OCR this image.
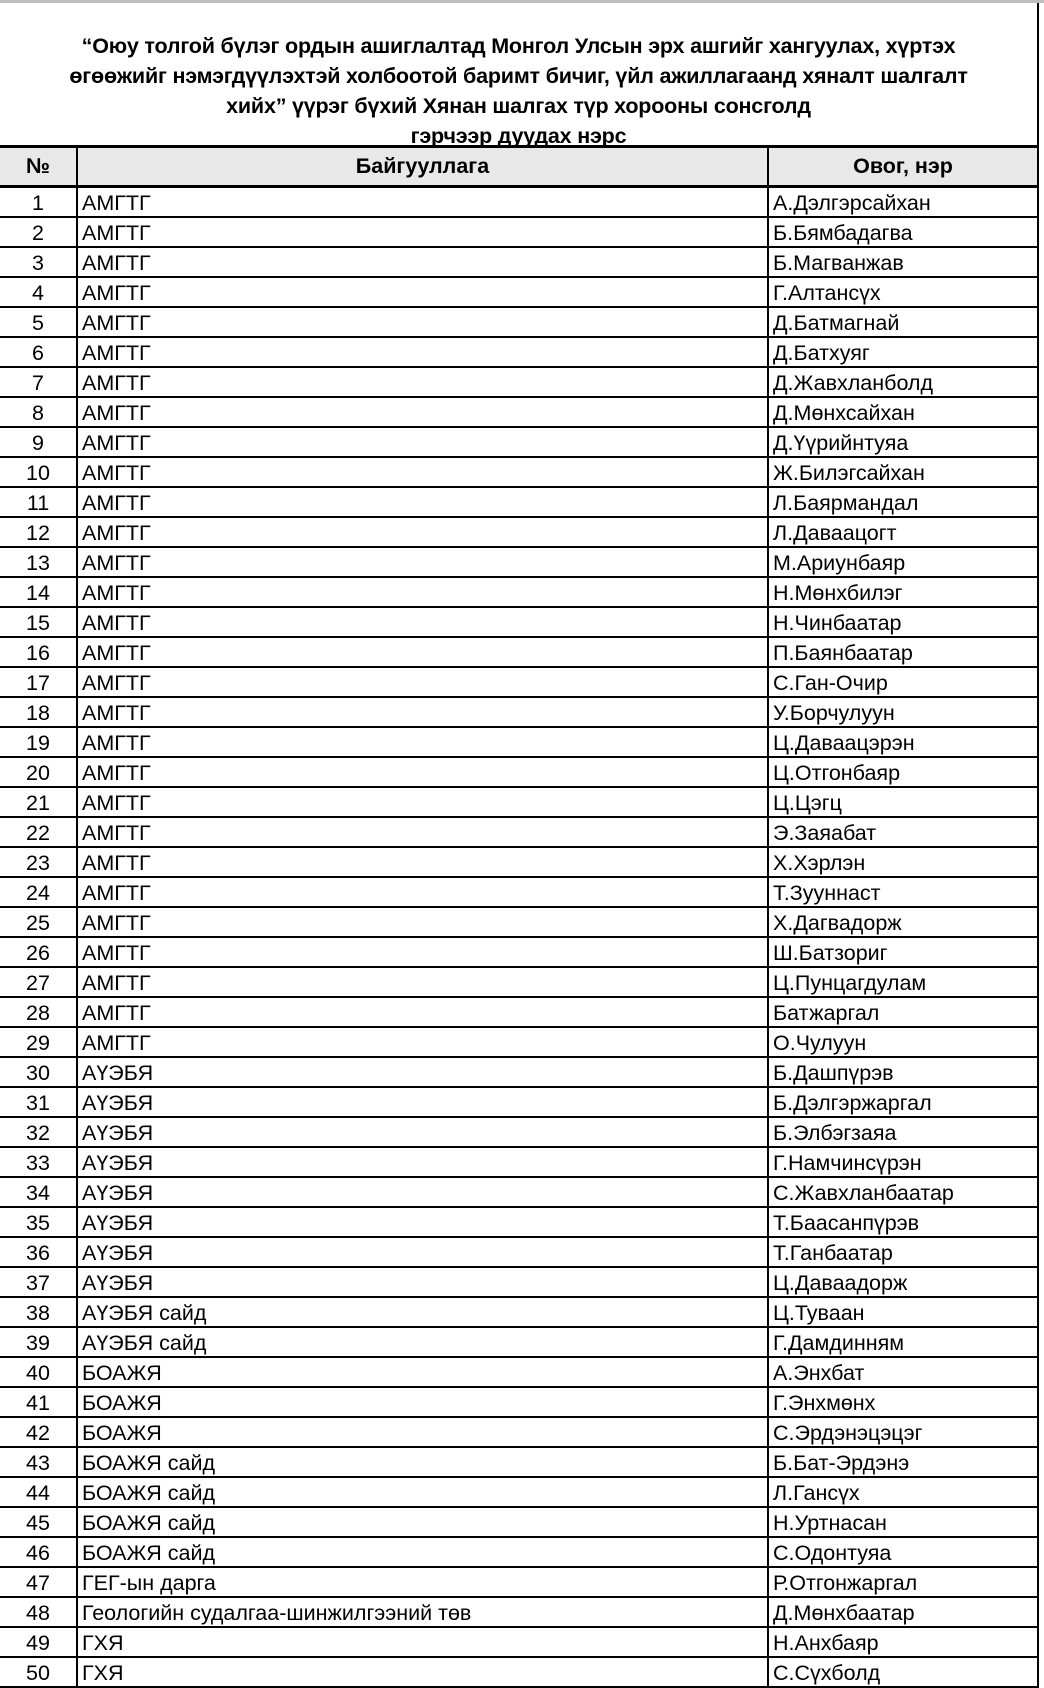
“Оюу толгой бүлэг ордын ашиглалтад Монгол Улсын эрх ашгийг хангуулах, хүртэх
өгөөжийг нэмэгдүүлэхтэй холбоотой баримт бичиг, үйл ажиллагаанд хяналт шалгалт
хийх” үүрэг бүхий Хянан шалгах түр хорооны сонсголд
гэрчээр дуудах нэрс
№	Байгууллага	Овог, нэр
1	АМГТГ	А.Дэлгэрсайхан
2	АМГТГ	Б.Бямбадагва
3	АМГТГ	Б.Магванжав
4	АМГТГ	Г.Алтансүх
5	АМГТГ	Д.Батмагнай
6	АМГТГ	Д.Батхуяг
7	АМГТГ	Д.Жавхланболд
8	АМГТГ	Д.Мөнхсайхан
9	АМГТГ	Д.Үүрийнтуяа
10	АМГТГ	Ж.Билэгсайхан
11	АМГТГ	Л.Баярмандал
12	АМГТГ	Л.Даваацогт
13	АМГТГ	М.Ариунбаяр
14	АМГТГ	Н.Мөнхбилэг
15	АМГТГ	Н.Чинбаатар
16	АМГТГ	П.Баянбаатар
17	АМГТГ	С.Ган-Очир
18	АМГТГ	У.Борчулуун
19	АМГТГ	Ц.Даваацэрэн
20	АМГТГ	Ц.Отгонбаяр
21	АМГТГ	Ц.Цэгц
22	АМГТГ	Э.Заяабат
23	АМГТГ	Х.Хэрлэн
24	АМГТГ	Т.Зууннаст
25	АМГТГ	Х.Дагвадорж
26	АМГТГ	Ш.Батзориг
27	АМГТГ	Ц.Пунцагдулам
28	АМГТГ	Батжаргал
29	АМГТГ	О.Чулуун
30	АҮЭБЯ	Б.Дашпүрэв
31	АҮЭБЯ	Б.Дэлгэржаргал
32	АҮЭБЯ	Б.Элбэгзаяа
33	АҮЭБЯ	Г.Намчинсүрэн
34	АҮЭБЯ	С.Жавхланбаатар
35	АҮЭБЯ	Т.Баасанпүрэв
36	АҮЭБЯ	Т.Ганбаатар
37	АҮЭБЯ	Ц.Даваадорж
38	АҮЭБЯ сайд	Ц.Туваан
39	АҮЭБЯ сайд	Г.Дамдинням
40	БОАЖЯ	А.Энхбат
41	БОАЖЯ	Г.Энхмөнх
42	БОАЖЯ	С.Эрдэнэцэцэг
43	БОАЖЯ сайд	Б.Бат-Эрдэнэ
44	БОАЖЯ сайд	Л.Гансүх
45	БОАЖЯ сайд	Н.Уртнасан
46	БОАЖЯ сайд	С.Одонтуяа
47	ГЕГ-ын дарга	Р.Отгонжаргал
48	Геологийн судалгаа-шинжилгээний төв	Д.Мөнхбаатар
49	ГХЯ	Н.Анхбаяр
50	ГХЯ	С.Сүхболд
